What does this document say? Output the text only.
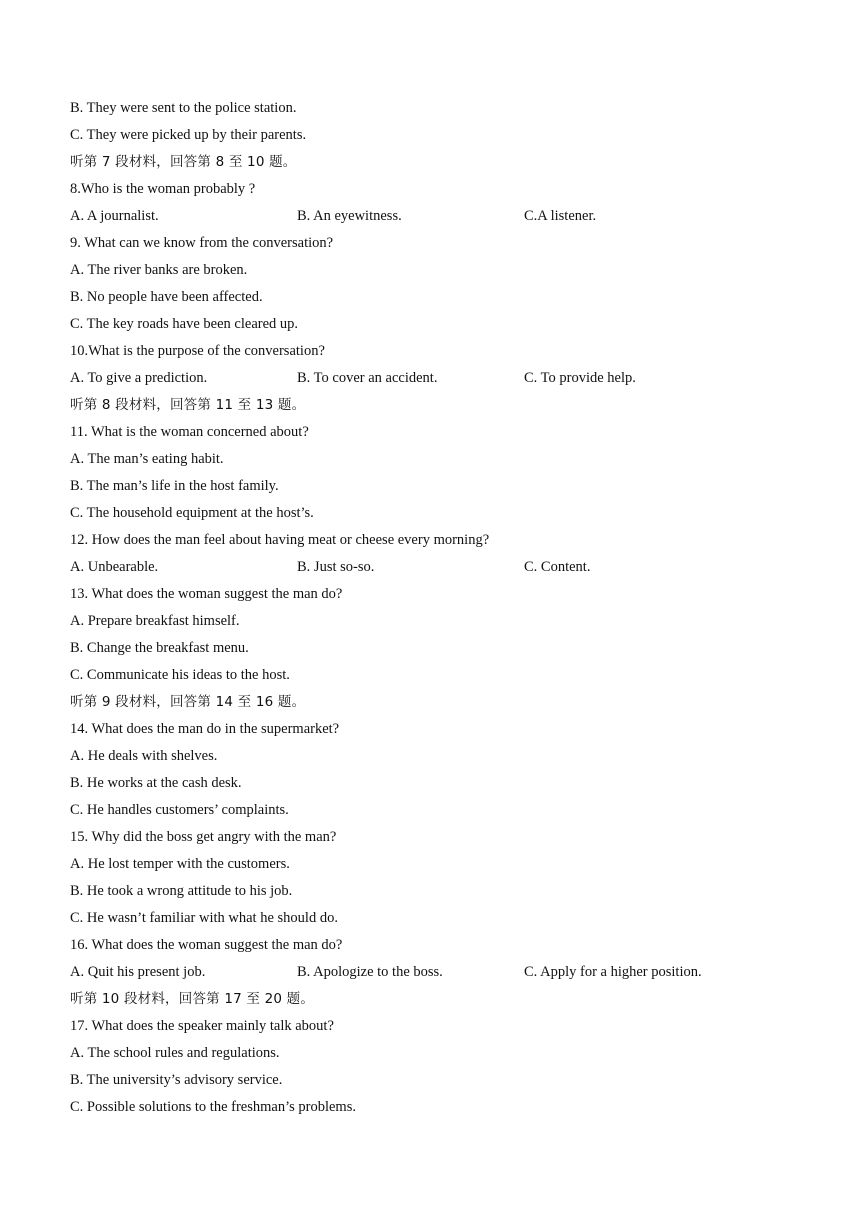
B. They were sent to the police station.
C. They were picked up by their parents.
听第 7 段材料，回答第 8 至 10 题。
8.Who is the woman probably ?
A. A journalist.	B. An eyewitness.	C.A listener.
9. What can we know from the conversation?
A. The river banks are broken.
B. No people have been affected.
C. The key roads have been cleared up.
10.What is the purpose of the conversation?
A. To give a prediction.	B. To cover an accident.	C. To provide help.
听第 8 段材料，回答第 11 至 13 题。
11. What is the woman concerned about?
A. The man’s eating habit.
B. The man’s life in the host family.
C. The household equipment at the host’s.
12. How does the man feel about having meat or cheese every morning?
A. Unbearable.	B. Just so-so.	C. Content.
13. What does the woman suggest the man do?
A. Prepare breakfast himself.
B. Change the breakfast menu.
C. Communicate his ideas to the host.
听第 9 段材料，回答第 14 至 16 题。
14. What does the man do in the supermarket?
A. He deals with shelves.
B. He works at the cash desk.
C. He handles customers’ complaints.
15. Why did the boss get angry with the man?
A. He lost temper with the customers.
B. He took a wrong attitude to his job.
C. He wasn’t familiar with what he should do.
16. What does the woman suggest the man do?
A. Quit his present job.	B. Apologize to the boss.	C. Apply for a higher position.
听第 10 段材料，回答第 17 至 20 题。
17. What does the speaker mainly talk about?
A. The school rules and regulations.
B. The university’s advisory service.
C. Possible solutions to the freshman’s problems.
